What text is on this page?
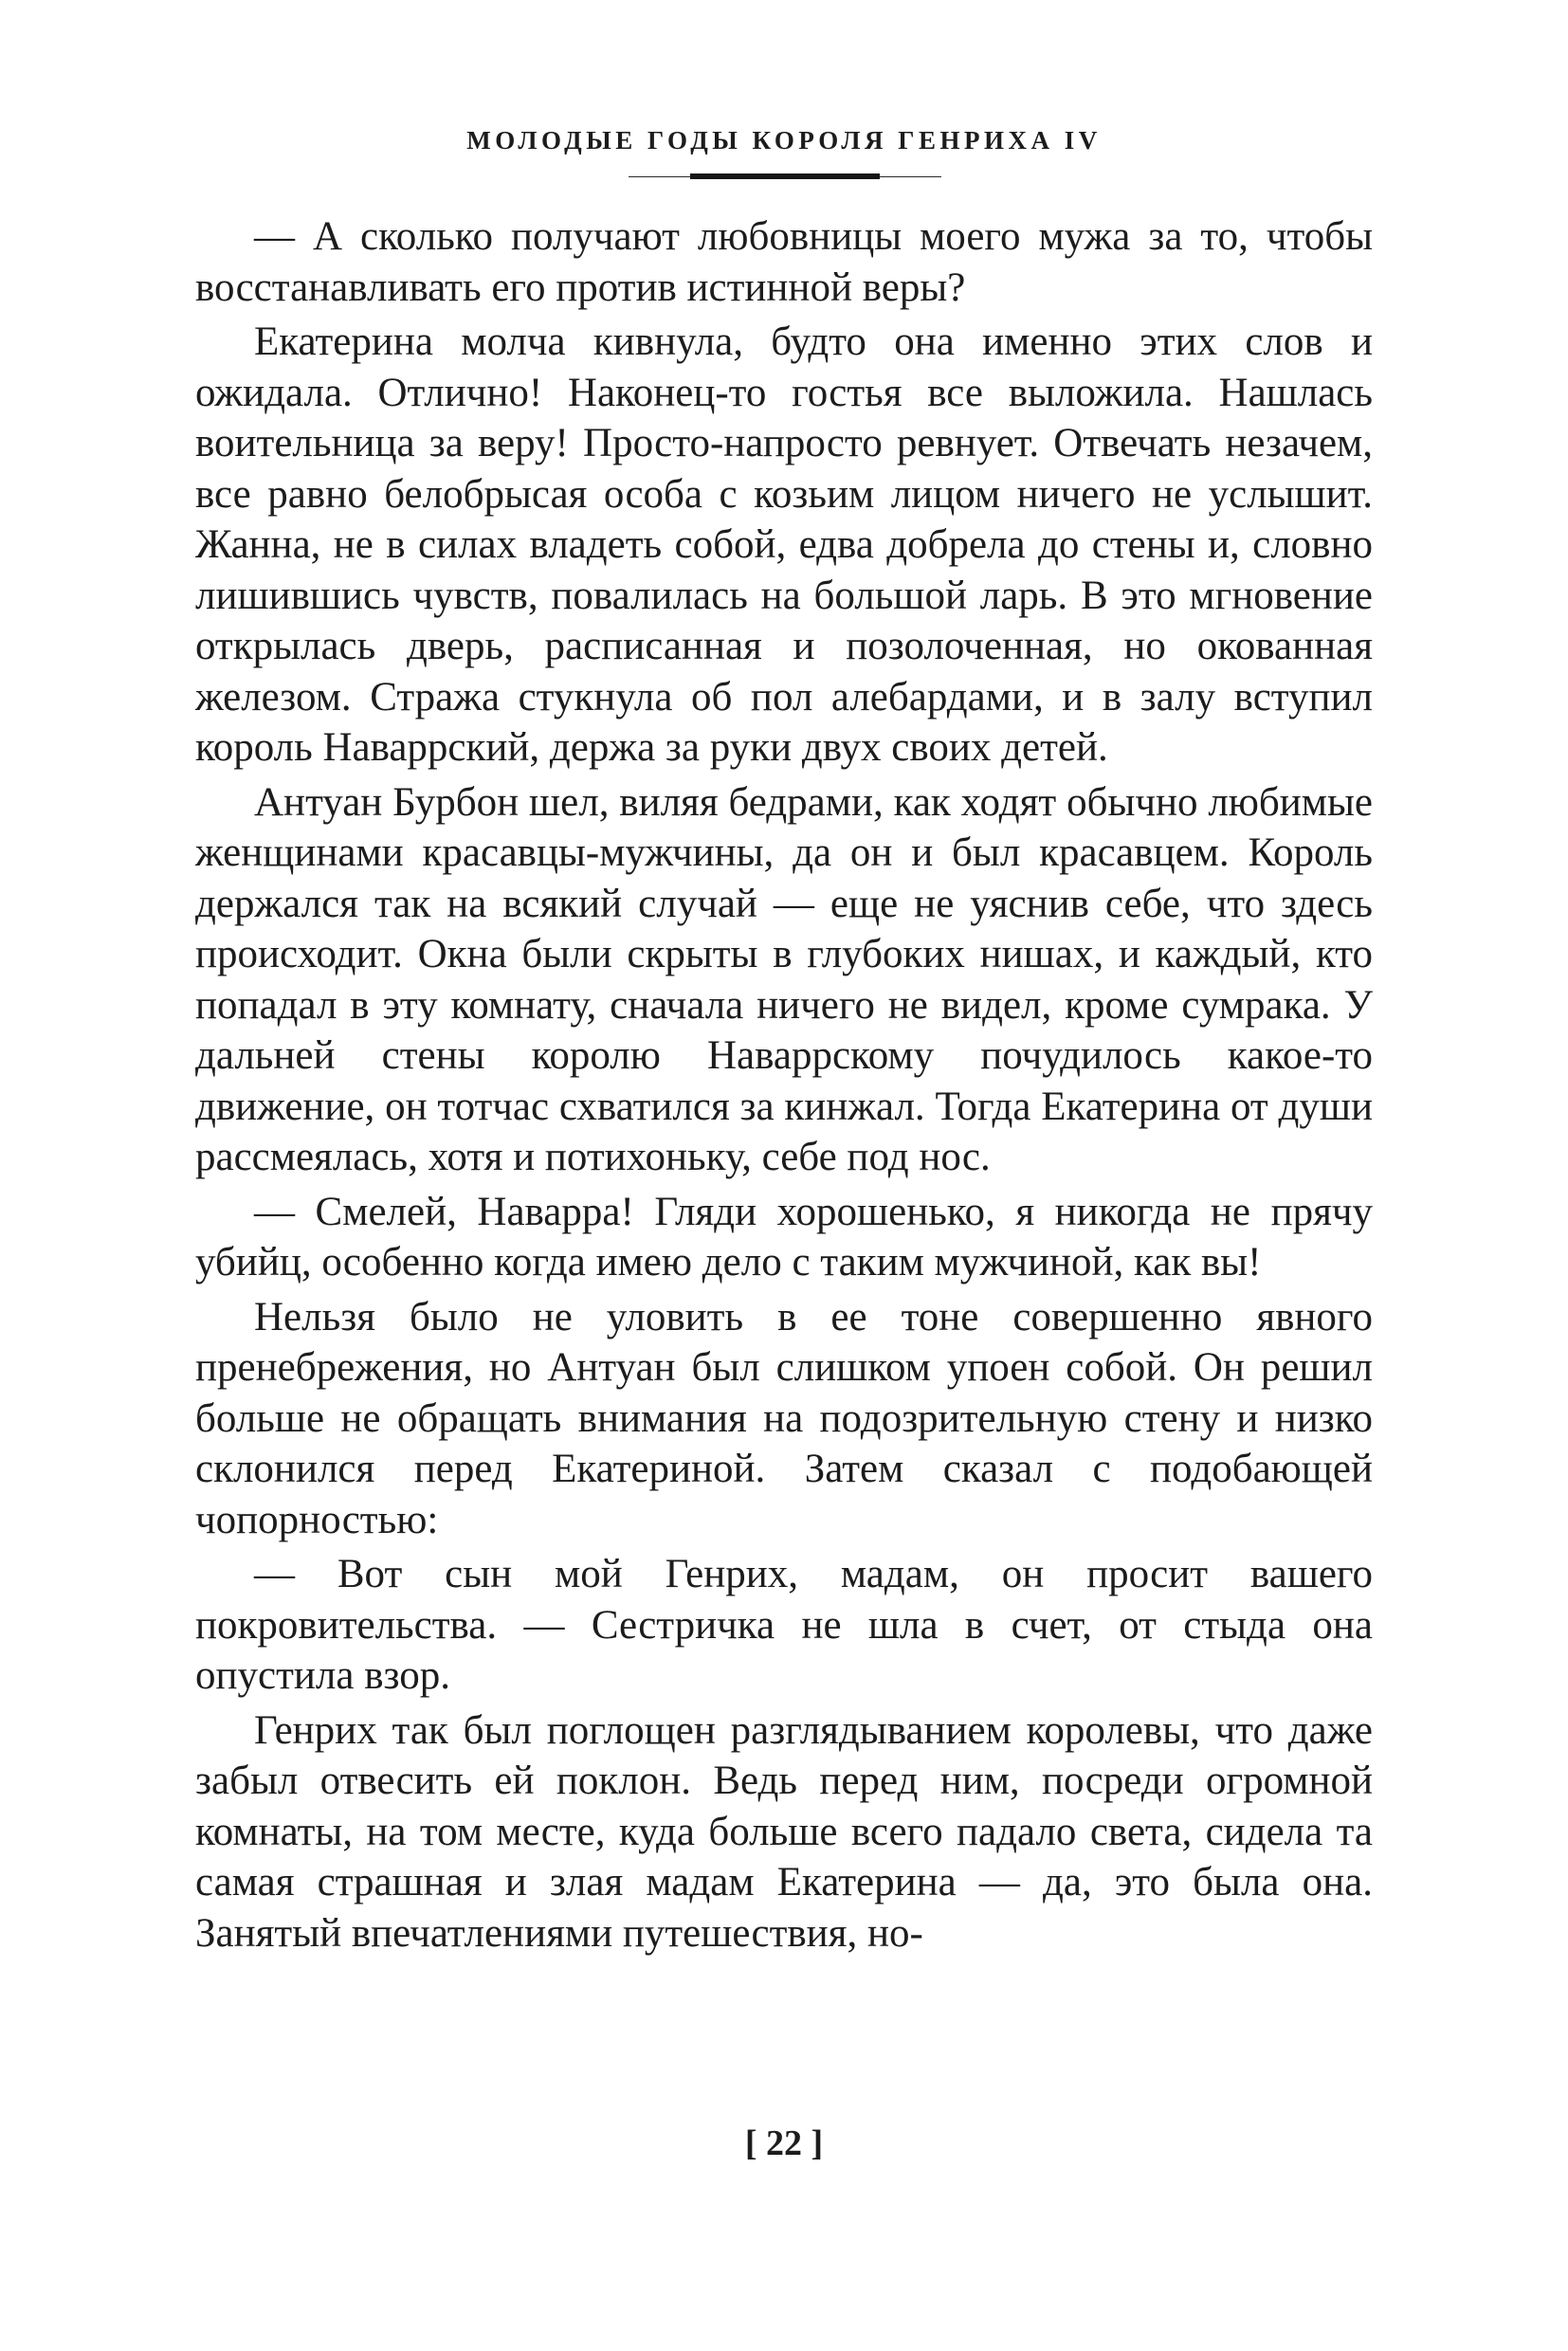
МОЛОДЫЕ ГОДЫ КОРОЛЯ ГЕНРИХА IV

— А сколько получают любовницы моего мужа за то, чтобы восстанавливать его против истинной веры?

Екатерина молча кивнула, будто она именно этих слов и ожидала. Отлично! Наконец-то гостья все выложила. Нашлась воительница за веру! Просто-напросто ревнует. Отвечать незачем, все равно белобрысая особа с козьим лицом ничего не услышит. Жанна, не в силах владеть собой, едва добрела до стены и, словно лишившись чувств, повалилась на большой ларь. В это мгновение открылась дверь, расписанная и позолоченная, но окованная железом. Стража стукнула об пол алебардами, и в залу вступил король Наваррский, держа за руки двух своих детей.

Антуан Бурбон шел, виляя бедрами, как ходят обычно любимые женщинами красавцы-мужчины, да он и был красавцем. Король держался так на всякий случай — еще не уяснив себе, что здесь происходит. Окна были скрыты в глубоких нишах, и каждый, кто попадал в эту комнату, сначала ничего не видел, кроме сумрака. У дальней стены королю Наваррскому почудилось какое-то движение, он тотчас схватился за кинжал. Тогда Екатерина от души рассмеялась, хотя и потихоньку, себе под нос.

— Смелей, Наварра! Гляди хорошенько, я никогда не прячу убийц, особенно когда имею дело с таким мужчиной, как вы!

Нельзя было не уловить в ее тоне совершенно явного пренебрежения, но Антуан был слишком упоен собой. Он решил больше не обращать внимания на подозрительную стену и низко склонился перед Екатериной. Затем сказал с подобающей чопорностью:

— Вот сын мой Генрих, мадам, он просит вашего покровительства. — Сестричка не шла в счет, от стыда она опустила взор.

Генрих так был поглощен разглядыванием королевы, что даже забыл отвесить ей поклон. Ведь перед ним, посреди огромной комнаты, на том месте, куда больше всего падало света, сидела та самая страшная и злая мадам Екатерина — да, это была она. Занятый впечатлениями путешествия, но-

[ 22 ]
